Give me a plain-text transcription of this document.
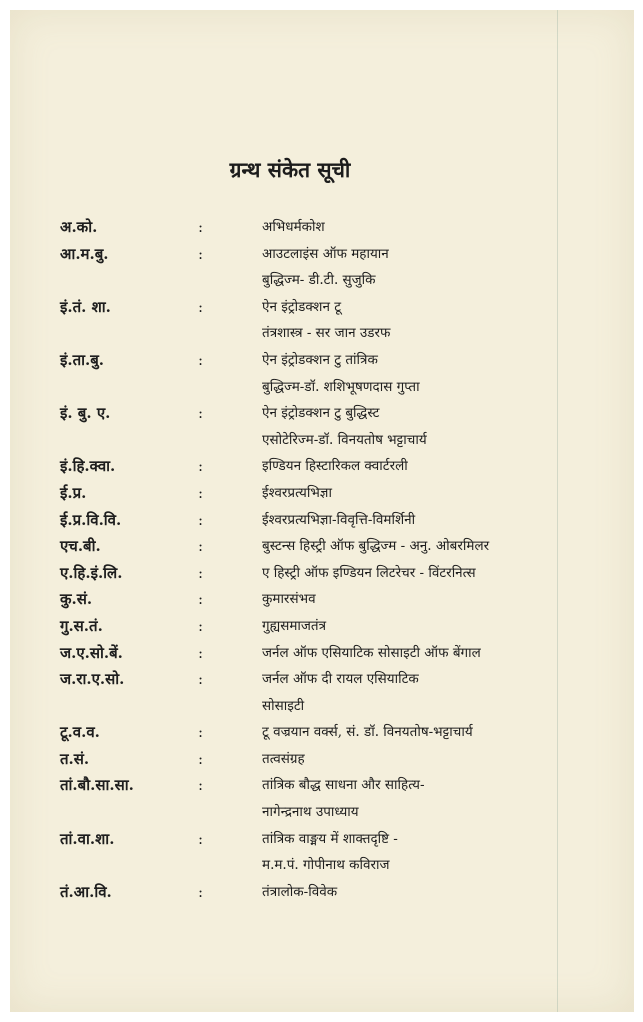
ग्रन्थ संकेत सूची
अ.को.	:	अभिधर्मकोश
आ.म.बु.	:	आउटलाइंस ऑफ महायान
बुद्धिज्म- डी.टी. सुजुकि
इं.तं. शा.	:	ऐन इंट्रोडक्शन टू
तंत्रशास्त्र - सर जान उडरफ
इं.ता.बु.	:	ऐन इंट्रोडक्शन टु तांत्रिक
बुद्धिज्म-डॉ. शशिभूषणदास गुप्ता
इं. बु. ए.	:	ऐन इंट्रोडक्शन टु बुद्धिस्ट
एसोटेरिज्म-डॉ. विनयतोष भट्टाचार्य
इं.हि.क्वा.	:	इण्डियन हिस्टारिकल क्वार्टरली
ई.प्र.	:	ईश्वरप्रत्यभिज्ञा
ई.प्र.वि.वि.	:	ईश्वरप्रत्यभिज्ञा-विवृत्ति-विमर्शिनी
एच.बी.	:	बुस्टन्स हिस्ट्री ऑफ बुद्धिज्म - अनु. ओबरमिलर
ए.हि.इं.लि.	:	ए हिस्ट्री ऑफ इण्डियन लिटरेचर - विंटरनित्स
कु.सं.	:	कुमारसंभव
गु.स.तं.	:	गुह्यसमाजतंत्र
ज.ए.सो.बें.	:	जर्नल ऑफ एसियाटिक सोसाइटी ऑफ बेंगाल
ज.रा.ए.सो.	:	जर्नल ऑफ दी रायल एसियाटिक
सोसाइटी
टू.व.व.	:	टू वज्रयान वर्क्स, सं. डॉ. विनयतोष-भट्टाचार्य
त.सं.	:	तत्वसंग्रह
तां.बौ.सा.सा.	:	तांत्रिक बौद्ध साधना और साहित्य-
नागेन्द्रनाथ उपाध्याय
तां.वा.शा.	:	तांत्रिक वाङ्मय में शाक्तदृष्टि -
म.म.पं. गोपीनाथ कविराज
तं.आ.वि.	:	तंत्रालोक-विवेक
